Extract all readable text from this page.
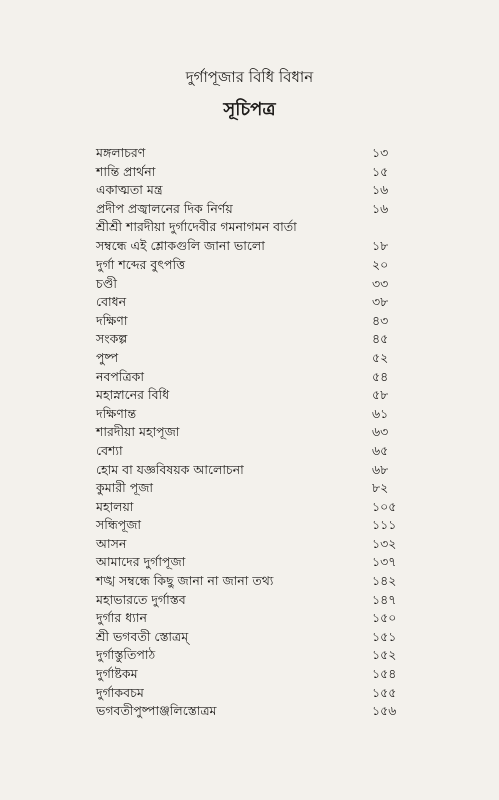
দুর্গাপূজার বিধি বিধান
সূচিপত্র
মঙ্গলাচরণ	১৩
শান্তি প্রার্থনা	১৫
একাত্মতা মন্ত্র	১৬
প্রদীপ প্রজ্বালনের দিক নির্ণয়	১৬
শ্রীশ্রী শারদীয়া দুর্গাদেবীর গমনাগমন বার্তা
সম্বন্ধে এই শ্লোকগুলি জানা ভালো	১৮
দুর্গা শব্দের বুৎপত্তি	২০
চণ্ডী	৩৩
বোধন	৩৮
দক্ষিণা	৪৩
সংকল্প	৪৫
পুষ্প	৫২
নবপত্রিকা	৫৪
মহাস্নানের বিধি	৫৮
দক্ষিণান্ত	৬১
শারদীয়া মহাপূজা	৬৩
বেশ্যা	৬৫
হোম বা যজ্ঞবিষয়ক আলোচনা	৬৮
কুমারী পূজা	৮২
মহালয়া	১০৫
সন্ধিপূজা	১১১
আসন	১৩২
আমাদের দুর্গাপূজা	১৩৭
শঙ্খ সম্বন্ধে কিছু জানা না জানা তথ্য	১৪২
মহাভারতে দুর্গাস্তব	১৪৭
দুর্গার ধ্যান	১৫০
শ্রী ভগবতী স্তোত্রম্	১৫১
দুর্গাস্তুতিপাঠ	১৫২
দুর্গাষ্টকম	১৫৪
দুর্গাকবচম	১৫৫
ভগবতীপুষ্পাঞ্জলিস্তোত্রম	১৫৬
